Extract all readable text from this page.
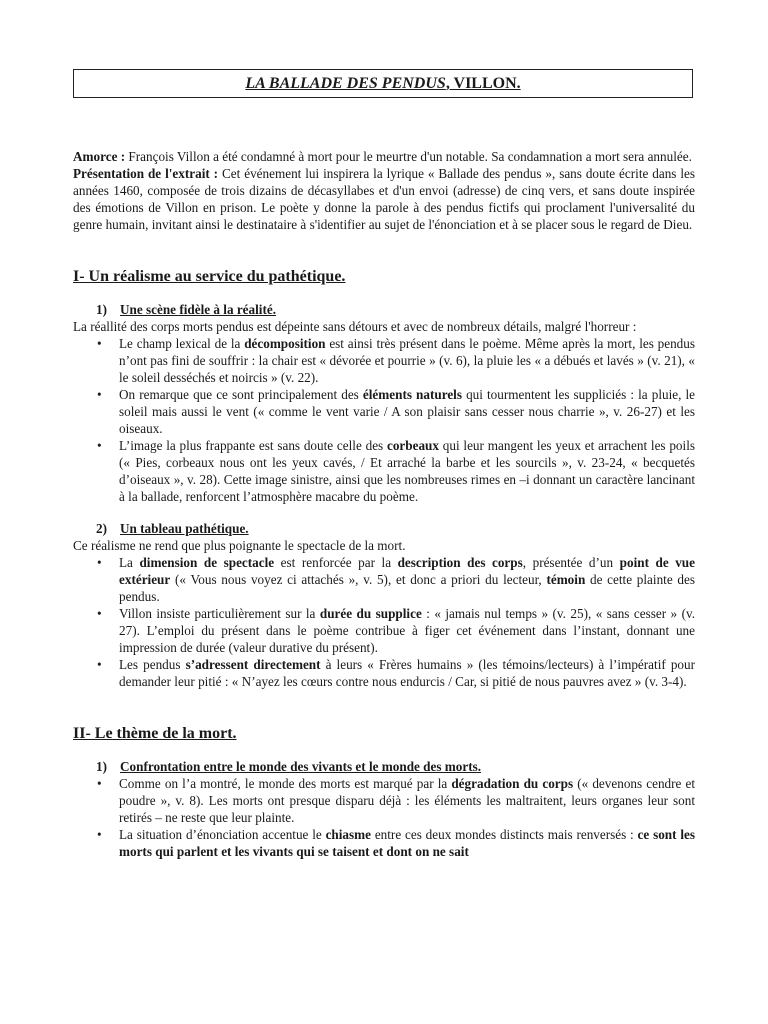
LA BALLADE DES PENDUS, VILLON.

Amorce : François Villon a été condamné à mort pour le meurtre d'un notable. Sa condamnation a mort sera annulée.

Présentation de l'extrait : Cet événement lui inspirera la lyrique « Ballade des pendus », sans doute écrite dans les années 1460, composée de trois dizains de décasyllabes et d'un envoi (adresse) de cinq vers, et sans doute inspirée des émotions de Villon en prison. Le poète y donne la parole à des pendus fictifs qui proclament l'universalité du genre humain, invitant ainsi le destinataire à s'identifier au sujet de l'énonciation et à se placer sous le regard de Dieu.

I- Un réalisme au service du pathétique.

1) Une scène fidèle à la réalité.

La réallité des corps morts pendus est dépeinte sans détours et avec de nombreux détails, malgré l'horreur :

• Le champ lexical de la décomposition est ainsi très présent dans le poème. Même après la mort, les pendus n’ont pas fini de souffrir : la chair est « dévorée et pourrie » (v. 6), la pluie les « a débués et lavés » (v. 21), « le soleil desséchés et noircis » (v. 22).
• On remarque que ce sont principalement des éléments naturels qui tourmentent les suppliciés : la pluie, le soleil mais aussi le vent (« comme le vent varie / A son plaisir sans cesser nous charrie », v. 26-27) et les oiseaux.
• L’image la plus frappante est sans doute celle des corbeaux qui leur mangent les yeux et arrachent les poils (« Pies, corbeaux nous ont les yeux cavés, / Et arraché la barbe et les sourcils », v. 23-24, « becquetés d’oiseaux », v. 28). Cette image sinistre, ainsi que les nombreuses rimes en –i donnant un caractère lancinant à la ballade, renforcent l’atmosphère macabre du poème.

2) Un tableau pathétique.

Ce réalisme ne rend que plus poignante le spectacle de la mort.

• La dimension de spectacle est renforcée par la description des corps, présentée d’un point de vue extérieur (« Vous nous voyez ci attachés », v. 5), et donc a priori du lecteur, témoin de cette plainte des pendus.
• Villon insiste particulièrement sur la durée du supplice : « jamais nul temps » (v. 25), « sans cesser » (v. 27). L’emploi du présent dans le poème contribue à figer cet événement dans l’instant, donnant une impression de durée (valeur durative du présent).
• Les pendus s’adressent directement à leurs « Frères humains » (les témoins/lecteurs) à l’impératif pour demander leur pitié : « N’ayez les cœurs contre nous endurcis / Car, si pitié de nous pauvres avez » (v. 3-4).
II- Le thème de la mort.

1) Confrontation entre le monde des vivants et le monde des morts.

• Comme on l’a montré, le monde des morts est marqué par la dégradation du corps (« devenons cendre et poudre », v. 8). Les morts ont presque disparu déjà : les éléments les maltraitent, leurs organes leur sont retirés – ne reste que leur plainte.
• La situation d’énonciation accentue le chiasme entre ces deux mondes distincts mais renversés : ce sont les morts qui parlent et les vivants qui se taisent et dont on ne sait
